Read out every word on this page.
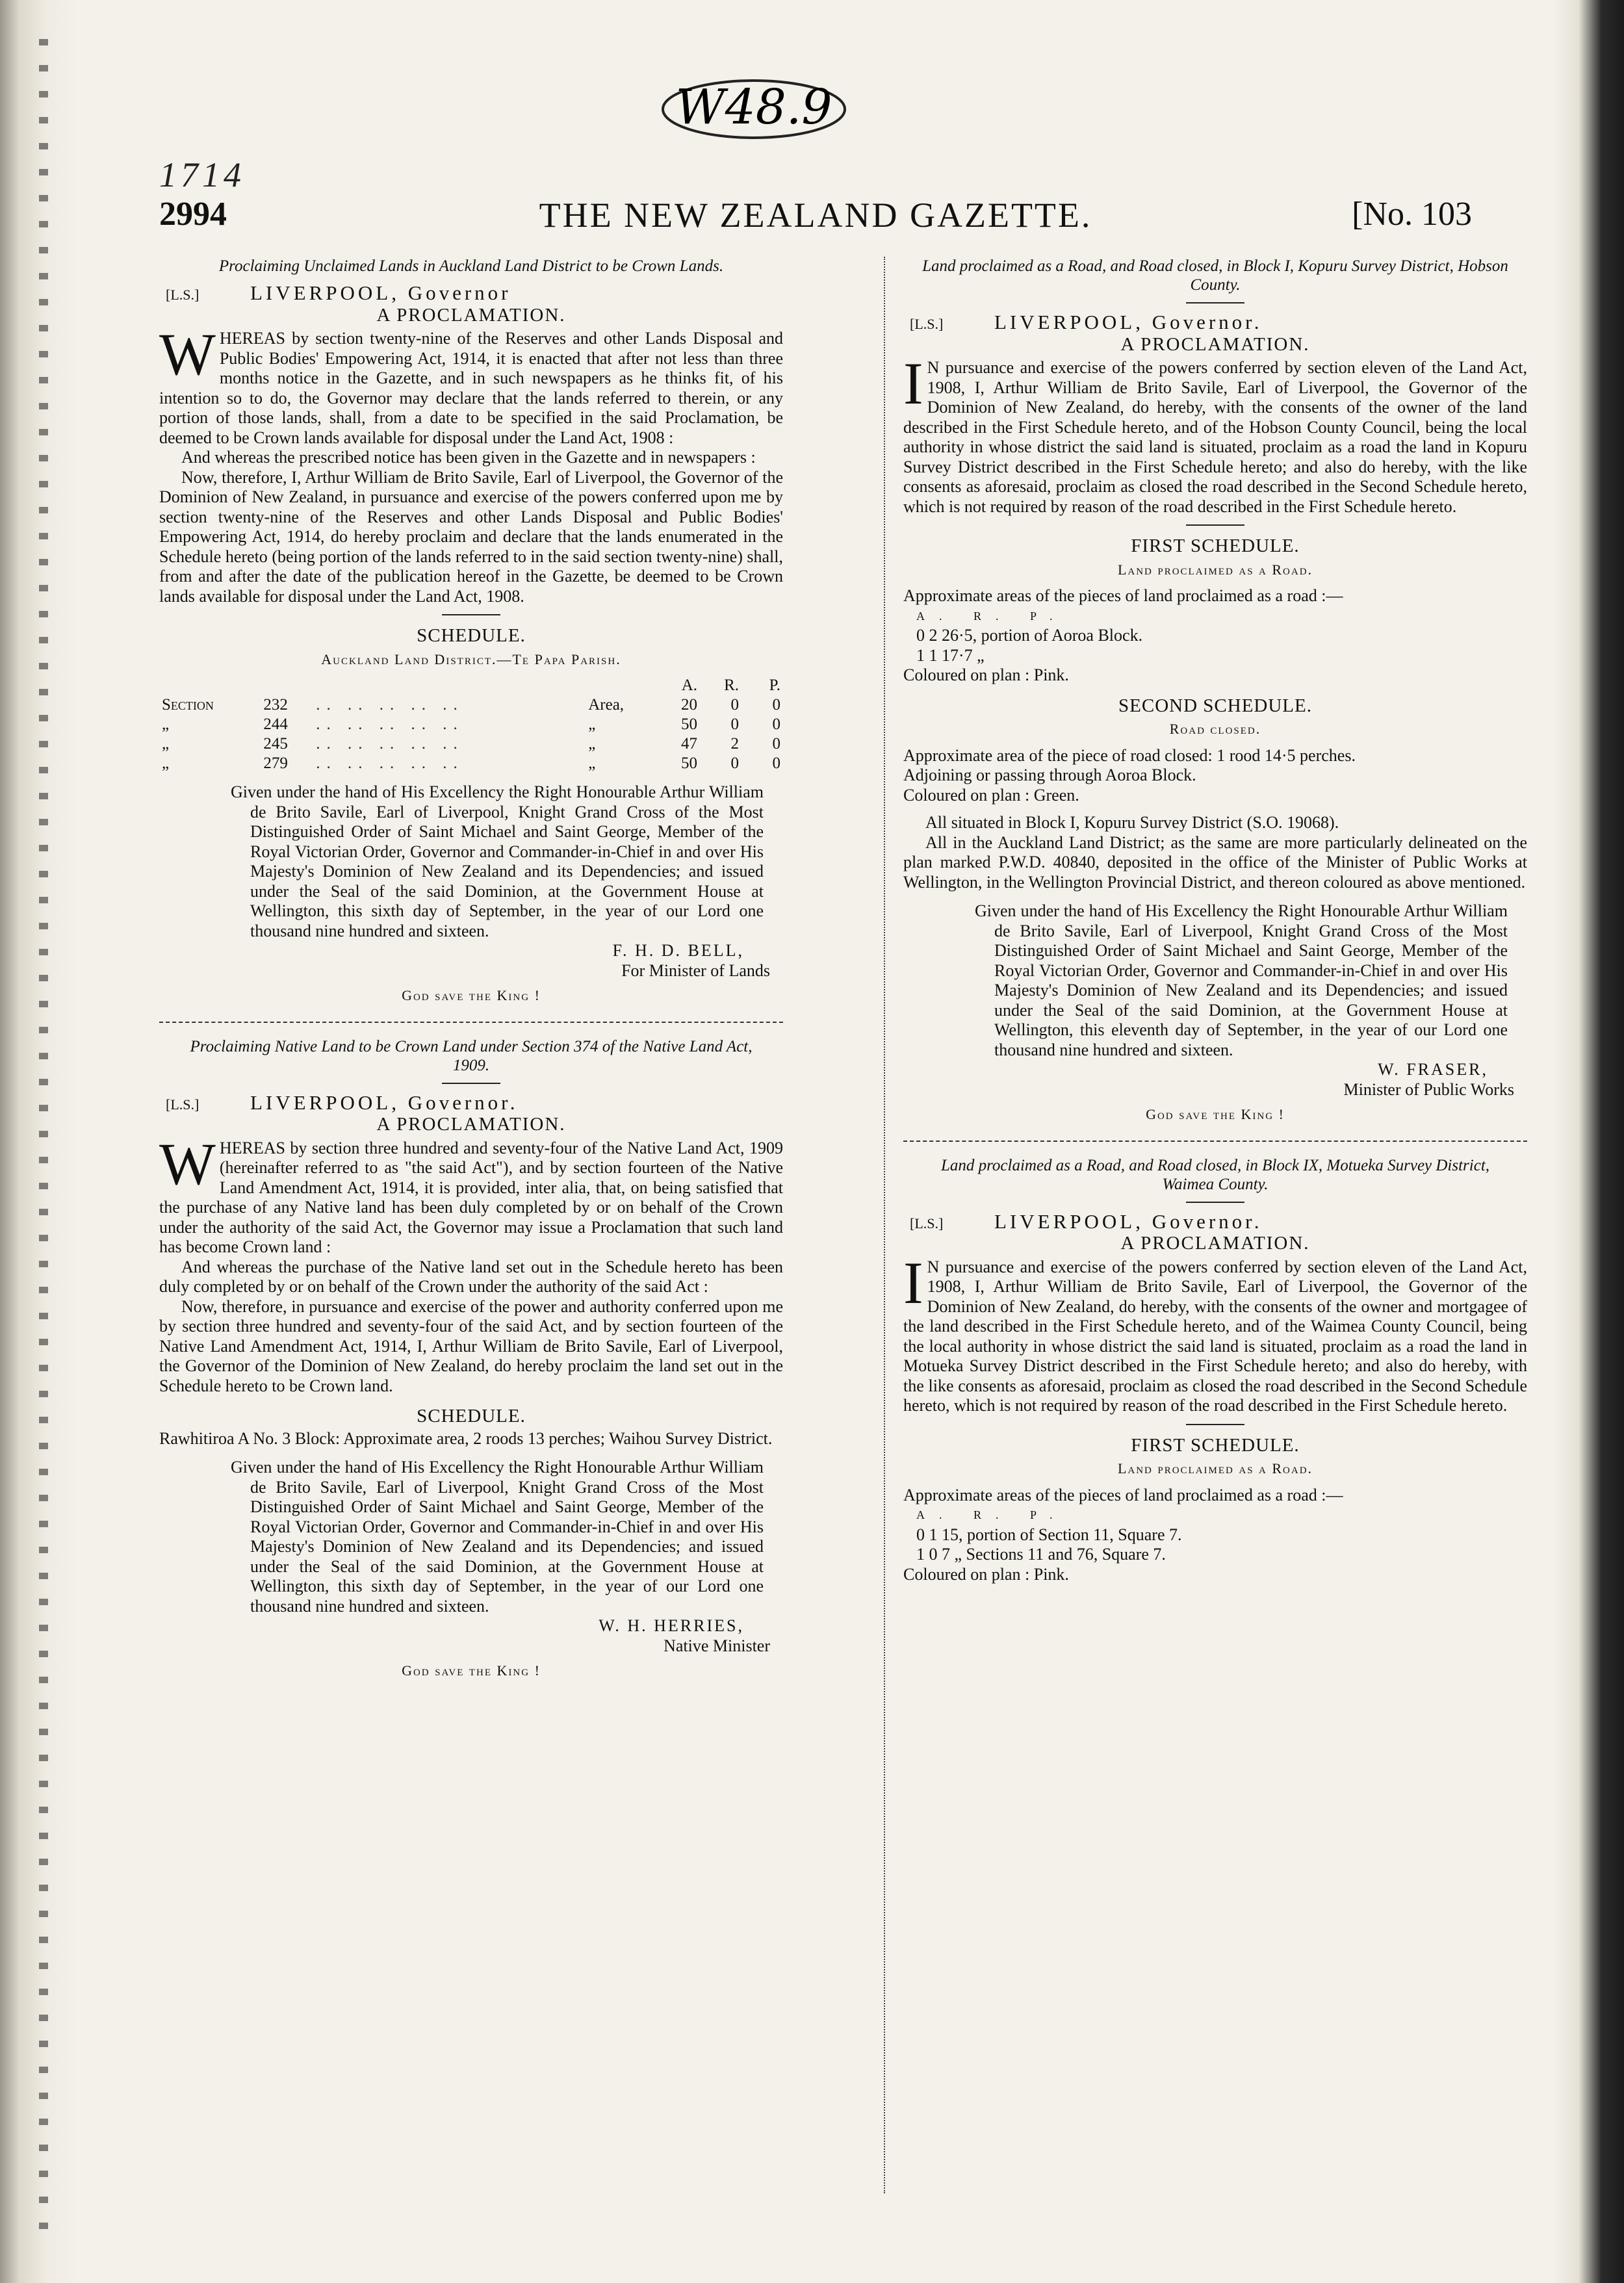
W48.9
1714
THE NEW ZEALAND GAZETTE.
2994	[No. 103
Proclaiming Unclaimed Lands in Auckland Land District to be Crown Lands.
[L.S.]	LIVERPOOL, Governor
A PROCLAMATION.

WHEREAS by section twenty-nine of the Reserves and other Lands Disposal and Public Bodies' Empowering Act, 1914, it is enacted that after not less than three months notice in the Gazette, and in such newspapers as he thinks fit, of his intention so to do, the Governor may declare that the lands referred to therein, or any portion of those lands, shall, from a date to be specified in the said Proclamation, be deemed to be Crown lands available for disposal under the Land Act, 1908 :

And whereas the prescribed notice has been given in the Gazette and in newspapers :

Now, therefore, I, Arthur William de Brito Savile, Earl of Liverpool, the Governor of the Dominion of New Zealand, in pursuance and exercise of the powers conferred upon me by section twenty-nine of the Reserves and other Lands Disposal and Public Bodies' Empowering Act, 1914, do hereby proclaim and declare that the lands enumerated in the Schedule hereto (being portion of the lands referred to in the said section twenty-nine) shall, from and after the date of the publication hereof in the Gazette, be deemed to be Crown lands available for disposal under the Land Act, 1908.

SCHEDULE.
Auckland Land District.—Te Papa Parish.
				A.	R.	P.
Section	232	.. .. .. .. ..	Area,	20	0	0
„	244	.. .. .. .. ..	„	50	0	0
„	245	.. .. .. .. ..	„	47	2	0
„	279	.. .. .. .. ..	„	50	0	0

Given under the hand of His Excellency the Right Honourable Arthur William de Brito Savile, Earl of Liverpool, Knight Grand Cross of the Most Distinguished Order of Saint Michael and Saint George, Member of the Royal Victorian Order, Governor and Commander-in-Chief in and over His Majesty's Dominion of New Zealand and its Dependencies; and issued under the Seal of the said Dominion, at the Government House at Wellington, this sixth day of September, in the year of our Lord one thousand nine hundred and sixteen.

F. H. D. BELL,
For Minister of Lands
God save the King !
Proclaiming Native Land to be Crown Land under Section 374 of the Native Land Act, 1909.
[L.S.]	LIVERPOOL, Governor.
A PROCLAMATION.

WHEREAS by section three hundred and seventy-four of the Native Land Act, 1909 (hereinafter referred to as "the said Act"), and by section fourteen of the Native Land Amendment Act, 1914, it is provided, inter alia, that, on being satisfied that the purchase of any Native land has been duly completed by or on behalf of the Crown under the authority of the said Act, the Governor may issue a Proclamation that such land has become Crown land :

And whereas the purchase of the Native land set out in the Schedule hereto has been duly completed by or on behalf of the Crown under the authority of the said Act :

Now, therefore, in pursuance and exercise of the power and authority conferred upon me by section three hundred and seventy-four of the said Act, and by section fourteen of the Native Land Amendment Act, 1914, I, Arthur William de Brito Savile, Earl of Liverpool, the Governor of the Dominion of New Zealand, do hereby proclaim the land set out in the Schedule hereto to be Crown land.

SCHEDULE.

Rawhitiroa A No. 3 Block: Approximate area, 2 roods 13 perches; Waihou Survey District.

Given under the hand of His Excellency the Right Honourable Arthur William de Brito Savile, Earl of Liverpool, Knight Grand Cross of the Most Distinguished Order of Saint Michael and Saint George, Member of the Royal Victorian Order, Governor and Commander-in-Chief in and over His Majesty's Dominion of New Zealand and its Dependencies; and issued under the Seal of the said Dominion, at the Government House at Wellington, this sixth day of September, in the year of our Lord one thousand nine hundred and sixteen.

W. H. HERRIES,
Native Minister
God save the King !
Land proclaimed as a Road, and Road closed, in Block I, Kopuru Survey District, Hobson County.
[L.S.]	LIVERPOOL, Governor.
A PROCLAMATION.

IN pursuance and exercise of the powers conferred by section eleven of the Land Act, 1908, I, Arthur William de Brito Savile, Earl of Liverpool, the Governor of the Dominion of New Zealand, do hereby, with the consents of the owner of the land described in the First Schedule hereto, and of the Hobson County Council, being the local authority in whose district the said land is situated, proclaim as a road the land in Kopuru Survey District described in the First Schedule hereto; and also do hereby, with the like consents as aforesaid, proclaim as closed the road described in the Second Schedule hereto, which is not required by reason of the road described in the First Schedule hereto.

FIRST SCHEDULE.
Land proclaimed as a Road.

Approximate areas of the pieces of land proclaimed as a road :—

A. R. P.
0 2 26·5, portion of Aoroa Block.
1 1 17·7 „

Coloured on plan : Pink.

SECOND SCHEDULE.
Road closed.

Approximate area of the piece of road closed: 1 rood 14·5 perches.

Adjoining or passing through Aoroa Block.

Coloured on plan : Green.

All situated in Block I, Kopuru Survey District (S.O. 19068).

All in the Auckland Land District; as the same are more particularly delineated on the plan marked P.W.D. 40840, deposited in the office of the Minister of Public Works at Wellington, in the Wellington Provincial District, and thereon coloured as above mentioned.

Given under the hand of His Excellency the Right Honourable Arthur William de Brito Savile, Earl of Liverpool, Knight Grand Cross of the Most Distinguished Order of Saint Michael and Saint George, Member of the Royal Victorian Order, Governor and Commander-in-Chief in and over His Majesty's Dominion of New Zealand and its Dependencies; and issued under the Seal of the said Dominion, at the Government House at Wellington, this eleventh day of September, in the year of our Lord one thousand nine hundred and sixteen.

W. FRASER,
Minister of Public Works
God save the King !
Land proclaimed as a Road, and Road closed, in Block IX, Motueka Survey District, Waimea County.
[L.S.]	LIVERPOOL, Governor.
A PROCLAMATION.

IN pursuance and exercise of the powers conferred by section eleven of the Land Act, 1908, I, Arthur William de Brito Savile, Earl of Liverpool, the Governor of the Dominion of New Zealand, do hereby, with the consents of the owner and mortgagee of the land described in the First Schedule hereto, and of the Waimea County Council, being the local authority in whose district the said land is situated, proclaim as a road the land in Motueka Survey District described in the First Schedule hereto; and also do hereby, with the like consents as aforesaid, proclaim as closed the road described in the Second Schedule hereto, which is not required by reason of the road described in the First Schedule hereto.

FIRST SCHEDULE.
Land proclaimed as a Road.

Approximate areas of the pieces of land proclaimed as a road :—

A. R. P.
0 1 15, portion of Section 11, Square 7.
1 0 7 „ Sections 11 and 76, Square 7.

Coloured on plan : Pink.
